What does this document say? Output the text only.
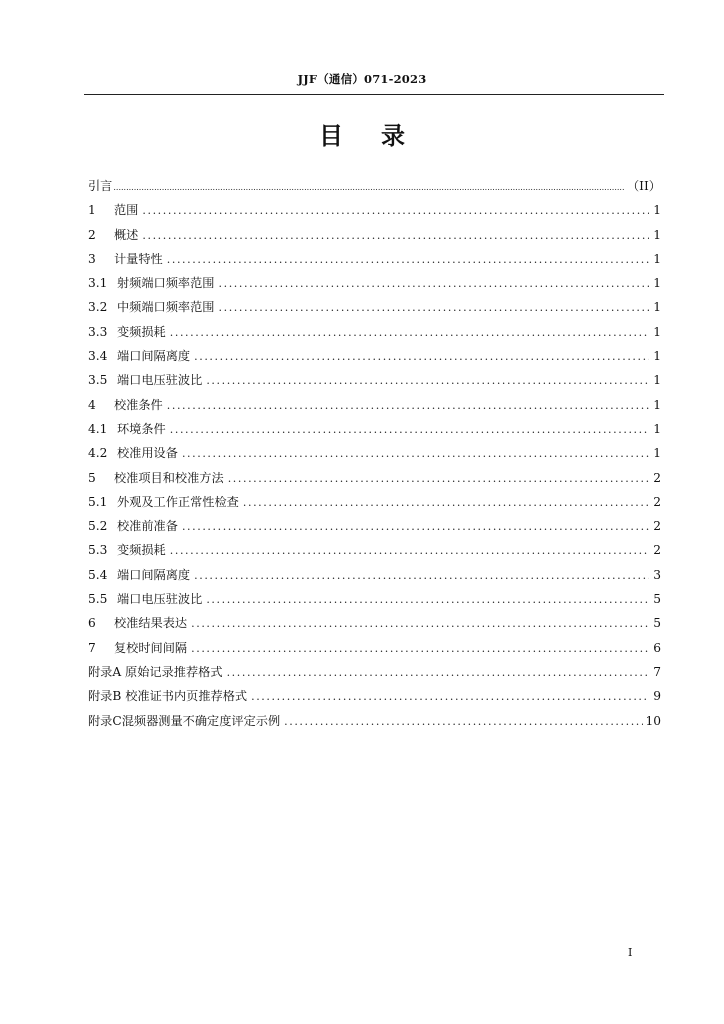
JJF（通信）071-2023
目 录
引言 .....	（II）
1	范围 .....	1
2	概述 .....	1
3	计量特性 .....	1
3.1 射频端口频率范围 .....	1
3.2 中频端口频率范围 .....	1
3.3 变频损耗 .....	1
3.4 端口间隔离度 .....	1
3.5 端口电压驻波比 .....	1
4	校准条件 .....	1
4.1 环境条件 .....	1
4.2 校准用设备 .....	1
5	校准项目和校准方法 .....	2
5.1 外观及工作正常性检查 .....	2
5.2 校准前准备 .....	2
5.3 变频损耗 .....	2
5.4 端口间隔离度 .....	3
5.5 端口电压驻波比 .....	5
6	校准结果表达 .....	5
7	复校时间间隔 .....	6
附录A 原始记录推荐格式 .....	7
附录B 校准证书内页推荐格式 .....	9
附录C混频器测量不确定度评定示例 .....	10
I
